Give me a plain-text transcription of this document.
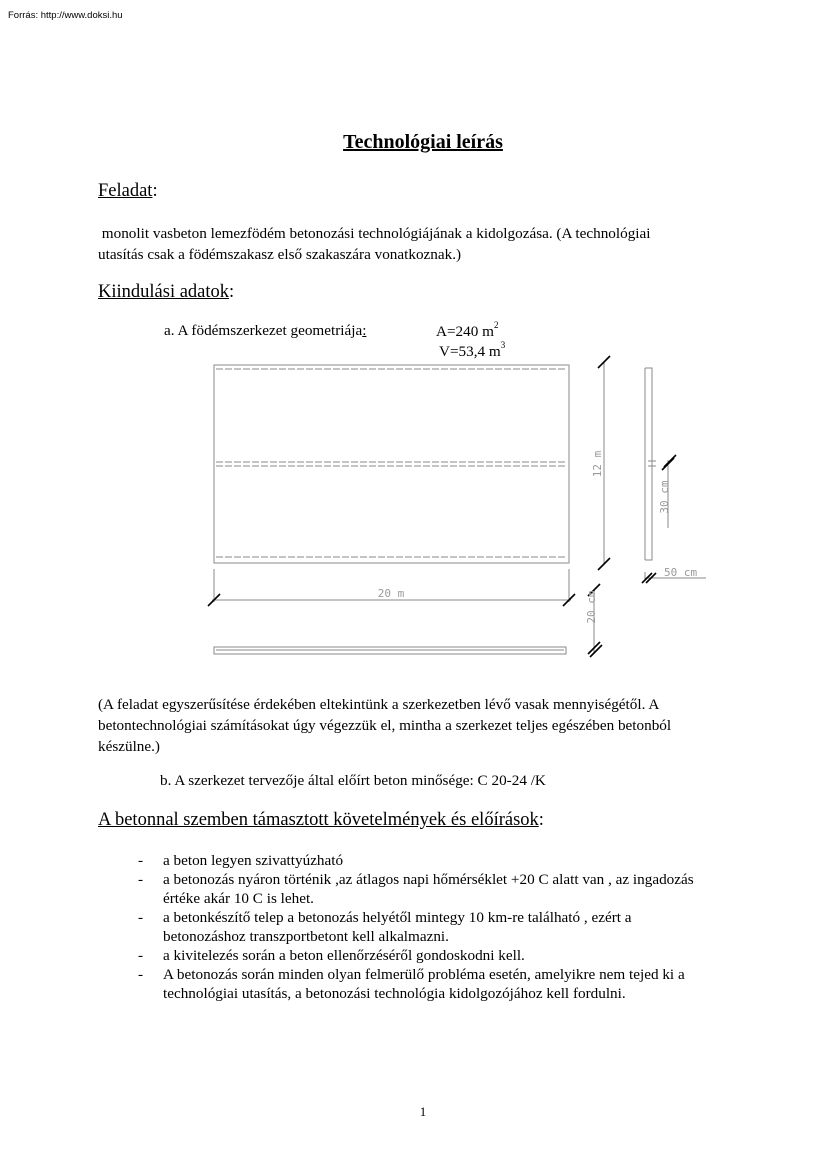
Forrás: http://www.doksi.hu
Technológiai leírás
Feladat:
monolit vasbeton lemezfödém betonozási technológiájának a kidolgozása. (A technológiai
utasítás csak a födémszakasz első szakaszára vonatkoznak.)
Kiindulási adatok:
a. A födémszerkezet geometriája:	A=240 $m^2$
V=53,4 $m^3$
20 m
12 m
20 cm
30 cm
50 cm
(A feladat egyszerűsítése érdekében eltekintünk a szerkezetben lévő vasak mennyiségétől. A
betontechnológiai számításokat úgy végezzük el, mintha a szerkezet teljes egészében betonból
készülne.)
b. A szerkezet tervezője által előírt beton minősége: C 20-24 /K
A betonnal szemben támasztott követelmények és előírások:
- a beton legyen szivattyúzható
- a betonozás nyáron történik ,az átlagos napi hőmérséklet +20 C alatt van , az ingadozás
értéke akár 10 C is lehet.
- a betonkészítő telep a betonozás helyétől mintegy 10 km-re található , ezért a
betonozáshoz transzportbetont kell alkalmazni.
- a kivitelezés során a beton ellenőrzéséről gondoskodni kell.
- A betonozás során minden olyan felmerülő probléma esetén, amelyikre nem tejed ki a
technológiai utasítás, a betonozási technológia kidolgozójához kell fordulni.
1
